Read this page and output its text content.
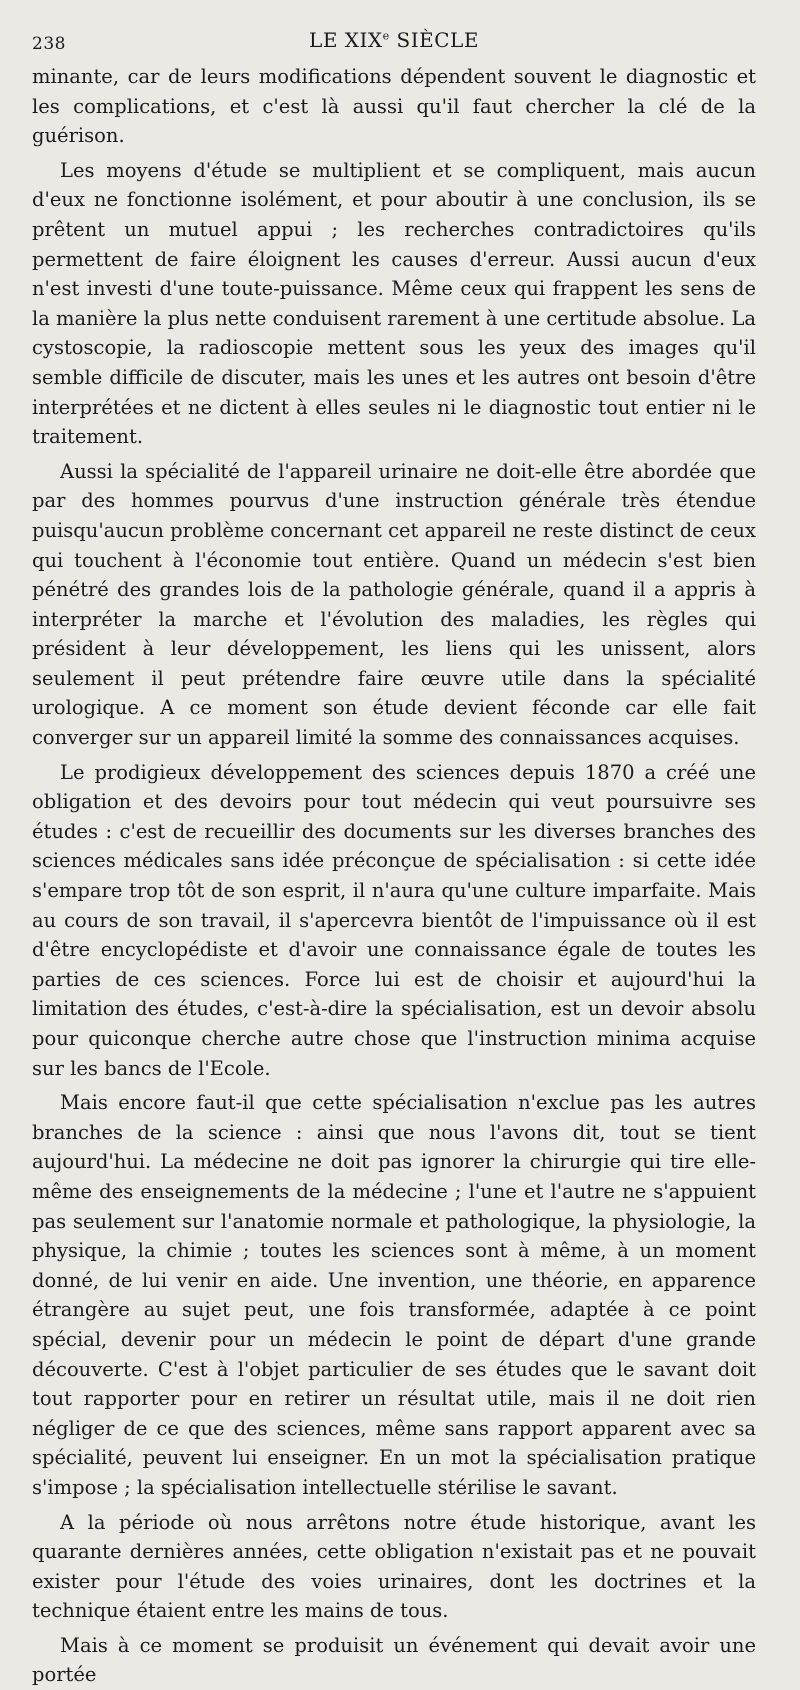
238	LE XIXe SIÈCLE

minante, car de leurs modifications dépendent souvent le diagnostic et les complications, et c'est là aussi qu'il faut chercher la clé de la guérison.

Les moyens d'étude se multiplient et se compliquent, mais aucun d'eux ne fonctionne isolément, et pour aboutir à une conclusion, ils se prêtent un mutuel appui ; les recherches contradictoires qu'ils permettent de faire éloignent les causes d'erreur. Aussi aucun d'eux n'est investi d'une toute-puissance. Même ceux qui frappent les sens de la manière la plus nette conduisent rarement à une certitude absolue. La cystoscopie, la radioscopie mettent sous les yeux des images qu'il semble difficile de discuter, mais les unes et les autres ont besoin d'être interprétées et ne dictent à elles seules ni le diagnostic tout entier ni le traitement.

Aussi la spécialité de l'appareil urinaire ne doit-elle être abordée que par des hommes pourvus d'une instruction générale très étendue puisqu'aucun problème concernant cet appareil ne reste distinct de ceux qui touchent à l'économie tout entière. Quand un médecin s'est bien pénétré des grandes lois de la pathologie générale, quand il a appris à interpréter la marche et l'évolution des maladies, les règles qui président à leur développement, les liens qui les unissent, alors seulement il peut prétendre faire œuvre utile dans la spécialité urologique. A ce moment son étude devient féconde car elle fait converger sur un appareil limité la somme des connaissances acquises.

Le prodigieux développement des sciences depuis 1870 a créé une obligation et des devoirs pour tout médecin qui veut poursuivre ses études : c'est de recueillir des documents sur les diverses branches des sciences médicales sans idée préconçue de spécialisation : si cette idée s'empare trop tôt de son esprit, il n'aura qu'une culture imparfaite. Mais au cours de son travail, il s'apercevra bientôt de l'impuissance où il est d'être encyclopédiste et d'avoir une connaissance égale de toutes les parties de ces sciences. Force lui est de choisir et aujourd'hui la limitation des études, c'est-à-dire la spécialisation, est un devoir absolu pour quiconque cherche autre chose que l'instruction minima acquise sur les bancs de l'Ecole.

Mais encore faut-il que cette spécialisation n'exclue pas les autres branches de la science : ainsi que nous l'avons dit, tout se tient aujourd'hui. La médecine ne doit pas ignorer la chirurgie qui tire elle-même des enseignements de la médecine ; l'une et l'autre ne s'appuient pas seulement sur l'anatomie normale et pathologique, la physiologie, la physique, la chimie ; toutes les sciences sont à même, à un moment donné, de lui venir en aide. Une invention, une théorie, en apparence étrangère au sujet peut, une fois transformée, adaptée à ce point spécial, devenir pour un médecin le point de départ d'une grande découverte. C'est à l'objet particulier de ses études que le savant doit tout rapporter pour en retirer un résultat utile, mais il ne doit rien négliger de ce que des sciences, même sans rapport apparent avec sa spécialité, peuvent lui enseigner. En un mot la spécialisation pratique s'impose ; la spécialisation intellectuelle stérilise le savant.

A la période où nous arrêtons notre étude historique, avant les quarante dernières années, cette obligation n'existait pas et ne pouvait exister pour l'étude des voies urinaires, dont les doctrines et la technique étaient entre les mains de tous.

Mais à ce moment se produisit un événement qui devait avoir une portée
